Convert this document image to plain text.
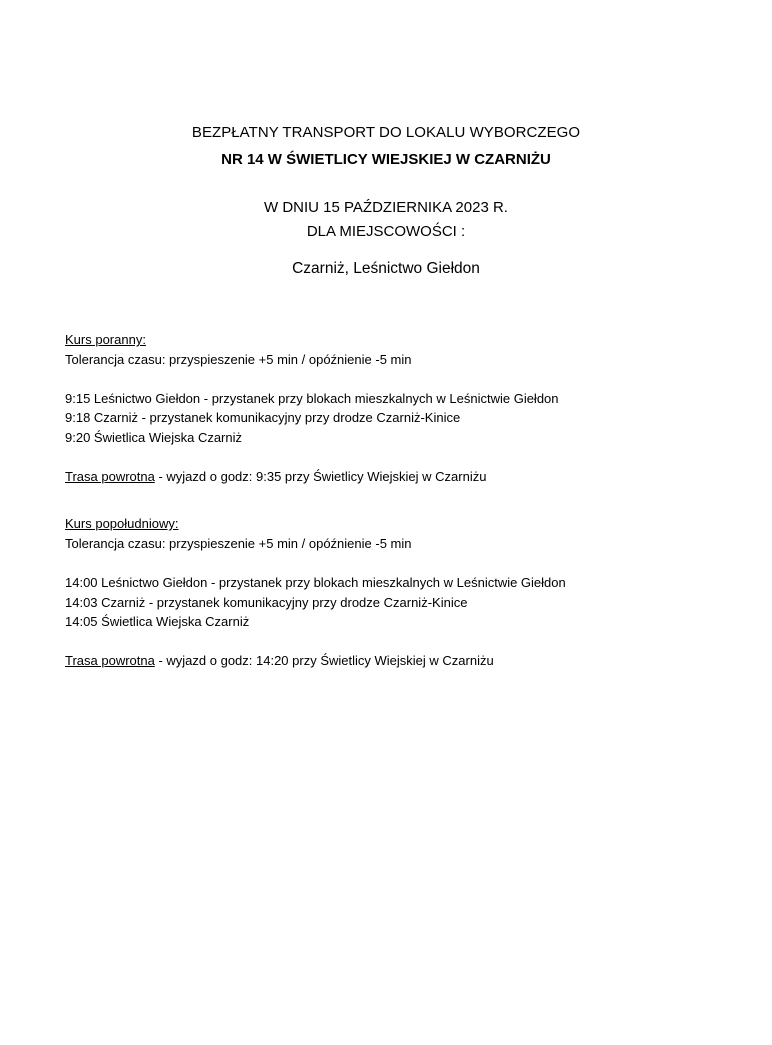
BEZPŁATNY TRANSPORT DO LOKALU WYBORCZEGO
NR 14 W ŚWIETLICY WIEJSKIEJ W CZARNIŻU
W DNIU 15 PAŹDZIERNIKA 2023 R.
DLA MIEJSCOWOŚCI :
Czarniż, Leśnictwo Giełdon
Kurs poranny:
Tolerancja czasu: przyspieszenie +5 min / opóźnienie -5 min
9:15 Leśnictwo Giełdon - przystanek przy blokach mieszkalnych w Leśnictwie Giełdon
9:18 Czarniż - przystanek komunikacyjny przy drodze Czarniż-Kinice
9:20 Świetlica Wiejska Czarniż
Trasa powrotna - wyjazd o godz: 9:35 przy Świetlicy Wiejskiej w Czarniżu
Kurs popołudniowy:
Tolerancja czasu: przyspieszenie +5 min / opóźnienie -5 min
14:00 Leśnictwo Giełdon - przystanek przy blokach mieszkalnych w Leśnictwie Giełdon
14:03 Czarniż - przystanek komunikacyjny przy drodze Czarniż-Kinice
14:05 Świetlica Wiejska Czarniż
Trasa powrotna - wyjazd o godz: 14:20 przy Świetlicy Wiejskiej w Czarniżu
